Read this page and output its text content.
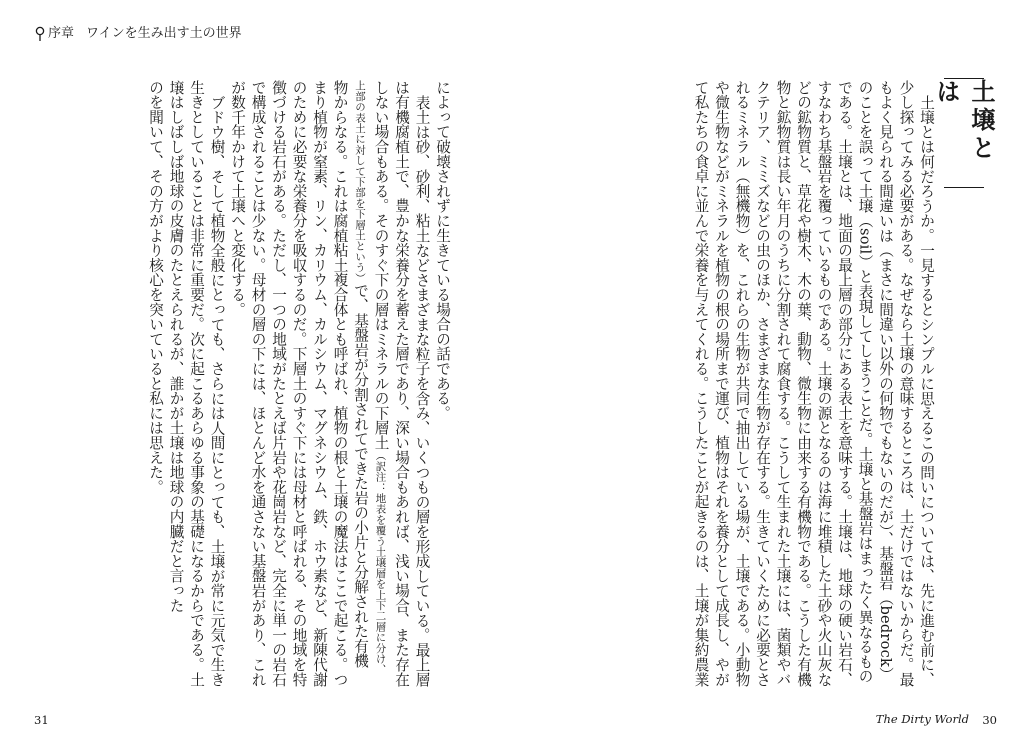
序章 ワインを生み出す土の世界

によって破壊されずに生きている場合の話である。

表土は砂、砂利、粘土などさまざまな粒子を含み、いくつもの層を形成している。最上層

は有機腐植土で、豊かな栄養分を蓄えた層であり、深い場合もあれば、浅い場合、また存在

しない場合もある。そのすぐ下の層はミネラルの下層土（訳注：地表を覆う土壌層を上下二層に分け、

上部の表土に対して下部を下層土という）で、基盤岩が分割されてできた岩の小片と分解された有機

物からなる。これは腐植粘土複合体とも呼ばれ、植物の根と土壌の魔法はここで起こる。つ

まり植物が窒素、リン、カリウム、カルシウム、マグネシウム、鉄、ホウ素など、新陳代謝

のために必要な栄養分を吸収するのだ。下層土のすぐ下には母材と呼ばれる、その地域を特

徴づける岩石がある。ただし、一つの地域がたとえば片岩や花崗岩など、完全に単一の岩石

で構成されることは少ない。母材の層の下には、ほとんど水を通さない基盤岩があり、これ

が数千年かけて土壌へと変化する。

ブドウ樹、そして植物全般にとっても、さらには人間にとっても、土壌が常に元気で生き

生きとしていることは非常に重要だ。次に起こるあらゆる事象の基礎になるからである。土

壌はしばしば地球の皮膚のたとえられるが、誰かが土壌は地球の内臓だと言った

のを聞いて、その方がより核心を突いていると私には思えた。	土壌とは何だろうか。一見するとシンプルに思えるこの問いについては、先に進む前に、

少し探ってみる必要がある。なぜなら土壌の意味するところは、土だけではないからだ。最

もよく見られる間違いは（まさに間違い以外の何物でもないのだが）、基盤岩（bedrock）

のことを誤って土壌（soil）と表現してしまうことだ。土壌と基盤岩はまったく異なるもの

である。土壌とは、地面の最上層の部分にある表土を意味する。土壌は、地球の硬い岩石、

すなわち基盤岩を覆っているものである。土壌の源となるのは海に堆積した土砂や火山灰な

どの鉱物質と、草花や樹木、木の葉、動物、微生物に由来する有機物である。こうした有機

物と鉱物質は長い年月のうちに分割されて腐食する。こうして生まれた土壌には、菌類やバ

クテリア、ミミズなどの虫のほか、さまざまな生物が存在する。生きていくために必要とさ

れるミネラル（無機物）を、これらの生物が共同で抽出している場が、土壌である。小動物

や微生物などがミネラルを植物の根の場所まで運び、植物はそれを養分として成長し、やが

て私たちの食卓に並んで栄養を与えてくれる。こうしたことが起きるのは、土壌が集約農業	土壌とは
31	The Dirty World 30
